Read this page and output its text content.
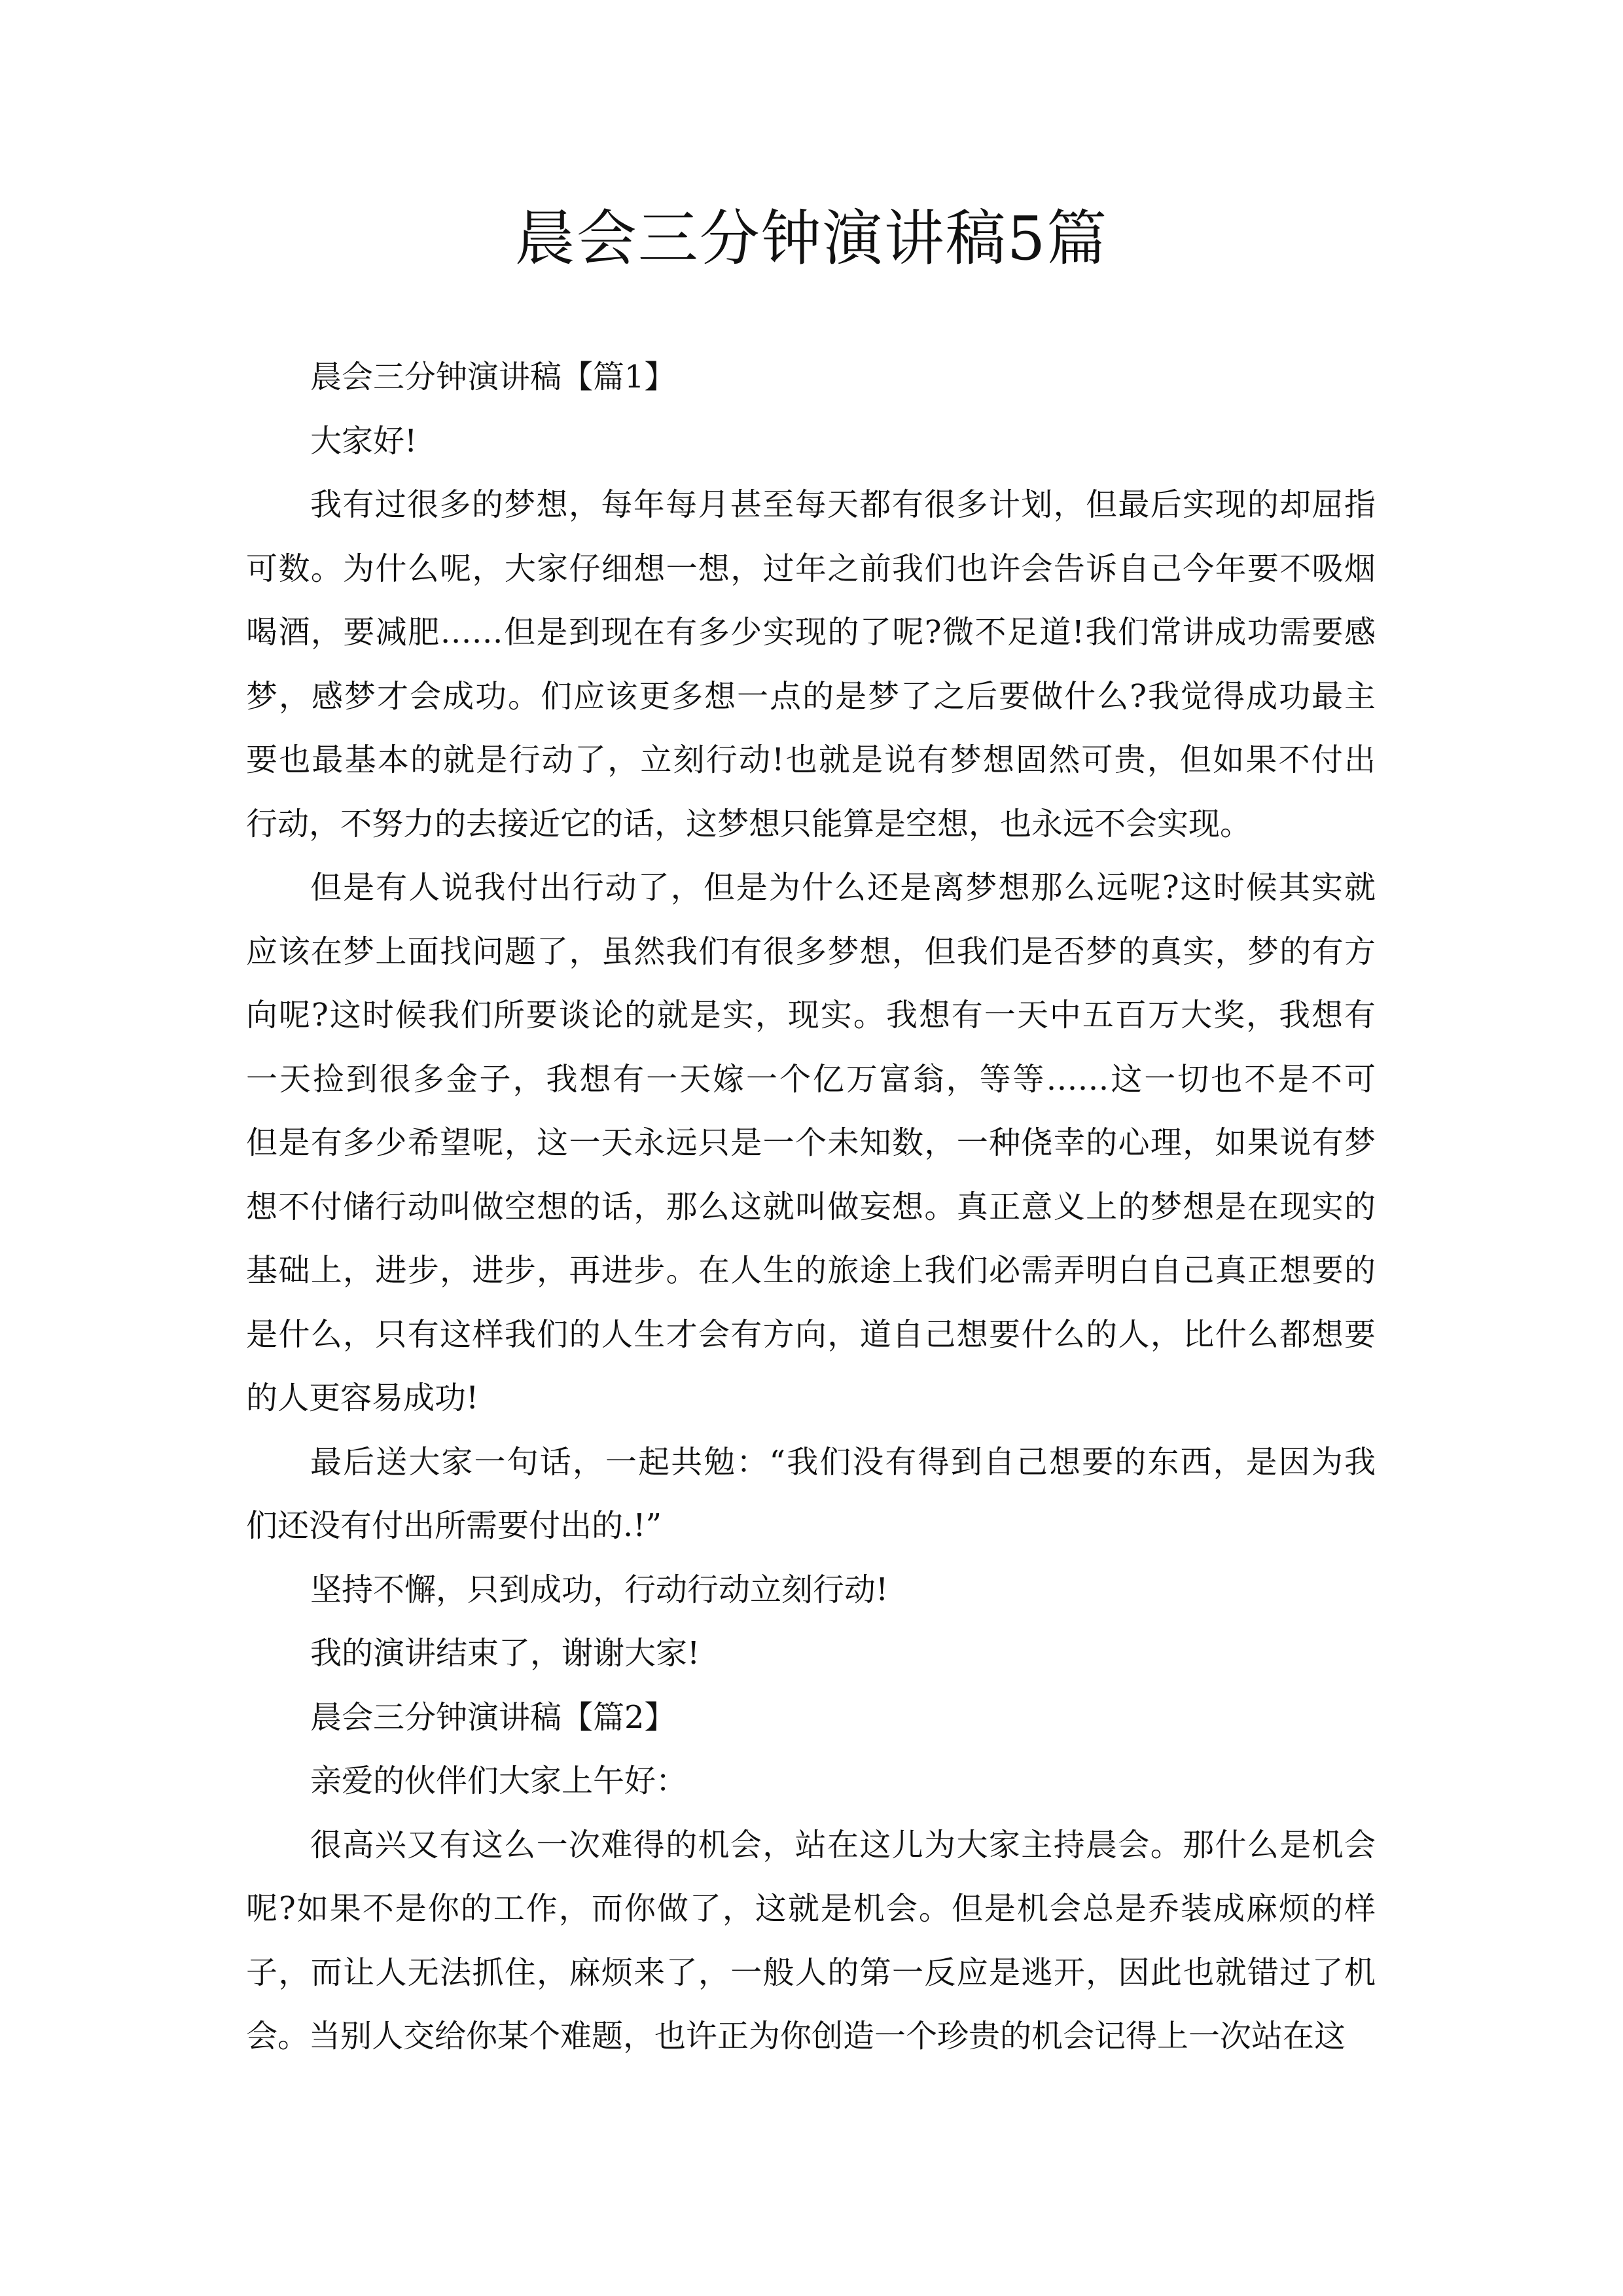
晨会三分钟演讲稿5篇
晨会三分钟演讲稿【篇1】
大家好!
我有过很多的梦想，每年每月甚至每天都有很多计划，但最后实现的却屈指
可数。为什么呢，大家仔细想一想，过年之前我们也许会告诉自己今年要不吸烟
喝酒，要减肥……但是到现在有多少实现的了呢?微不足道!我们常讲成功需要感
梦，感梦才会成功。们应该更多想一点的是梦了之后要做什么?我觉得成功最主
要也最基本的就是行动了，立刻行动!也就是说有梦想固然可贵，但如果不付出
行动，不努力的去接近它的话，这梦想只能算是空想，也永远不会实现。
但是有人说我付出行动了，但是为什么还是离梦想那么远呢?这时候其实就
应该在梦上面找问题了，虽然我们有很多梦想，但我们是否梦的真实，梦的有方
向呢?这时候我们所要谈论的就是实，现实。我想有一天中五百万大奖，我想有
一天捡到很多金子，我想有一天嫁一个亿万富翁，等等……这一切也不是不可
但是有多少希望呢，这一天永远只是一个未知数，一种侥幸的心理，如果说有梦
想不付储行动叫做空想的话，那么这就叫做妄想。真正意义上的梦想是在现实的
基础上，进步，进步，再进步。在人生的旅途上我们必需弄明白自己真正想要的
是什么，只有这样我们的人生才会有方向，道自己想要什么的人，比什么都想要
的人更容易成功!
最后送大家一句话，一起共勉：“我们没有得到自己想要的东西，是因为我
们还没有付出所需要付出的.!”
坚持不懈，只到成功，行动行动立刻行动!
我的演讲结束了，谢谢大家!
晨会三分钟演讲稿【篇2】
亲爱的伙伴们大家上午好：
很高兴又有这么一次难得的机会，站在这儿为大家主持晨会。那什么是机会
呢?如果不是你的工作，而你做了，这就是机会。但是机会总是乔装成麻烦的样
子，而让人无法抓住，麻烦来了，一般人的第一反应是逃开，因此也就错过了机
会。当别人交给你某个难题，也许正为你创造一个珍贵的机会记得上一次站在这
